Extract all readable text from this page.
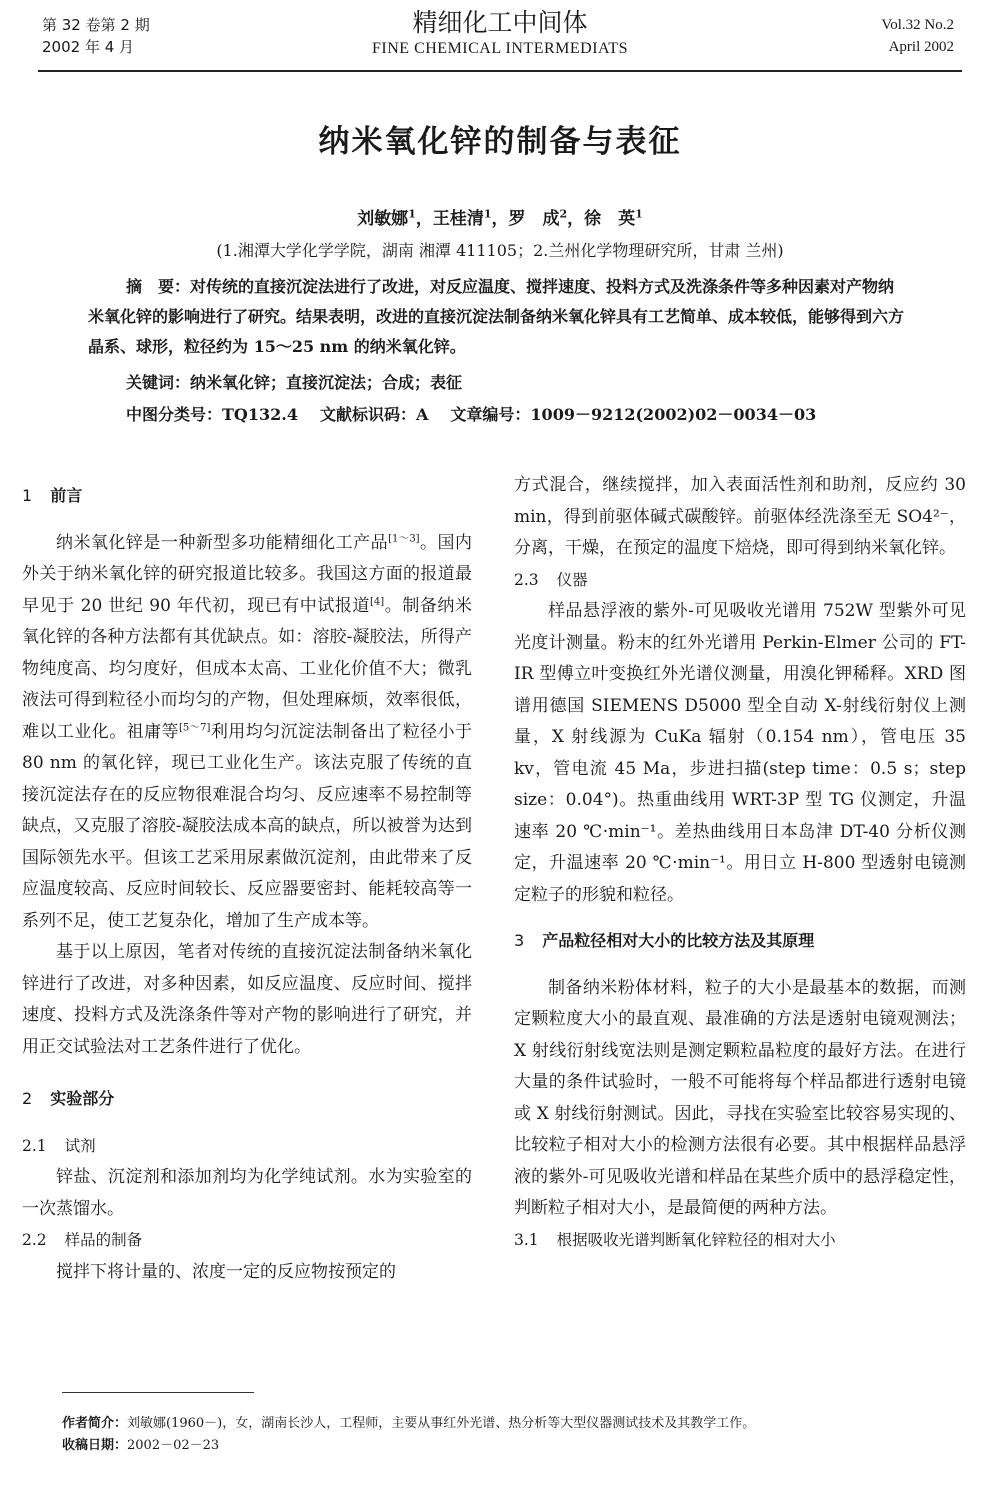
第 32 卷第 2 期
2002 年 4 月
精细化工中间体
FINE CHEMICAL INTERMEDIATS
Vol.32 No.2
April 2002
纳米氧化锌的制备与表征
刘敏娜$^1$，王桂清$^1$，罗　成$^2$，徐　英$^1$
(1.湘潭大学化学学院，湖南 湘潭 411105；2.兰州化学物理研究所，甘肃 兰州)
摘　要：对传统的直接沉淀法进行了改进，对反应温度、搅拌速度、投料方式及洗涤条件等多种因素对产物纳米氧化锌的影响进行了研究。结果表明，改进的直接沉淀法制备纳米氧化锌具有工艺简单、成本较低，能够得到六方晶系、球形，粒径约为 15～25 nm 的纳米氧化锌。
关键词：纳米氧化锌；直接沉淀法；合成；表征
中图分类号：TQ132.4 文献标识码：A 文章编号：1009－9212(2002)02－0034－03
1 前言

纳米氧化锌是一种新型多功能精细化工产品[1～3]。国内外关于纳米氧化锌的研究报道比较多。我国这方面的报道最早见于 20 世纪 90 年代初，现已有中试报道[4]。制备纳米氧化锌的各种方法都有其优缺点。如：溶胶-凝胶法，所得产物纯度高、均匀度好，但成本太高、工业化价值不大；微乳液法可得到粒径小而均匀的产物，但处理麻烦，效率很低，难以工业化。祖庸等[5～7]利用均匀沉淀法制备出了粒径小于 80 nm 的氧化锌，现已工业化生产。该法克服了传统的直接沉淀法存在的反应物很难混合均匀、反应速率不易控制等缺点，又克服了溶胶-凝胶法成本高的缺点，所以被誉为达到国际领先水平。但该工艺采用尿素做沉淀剂，由此带来了反应温度较高、反应时间较长、反应器要密封、能耗较高等一系列不足，使工艺复杂化，增加了生产成本等。

基于以上原因，笔者对传统的直接沉淀法制备纳米氧化锌进行了改进，对多种因素，如反应温度、反应时间、搅拌速度、投料方式及洗涤条件等对产物的影响进行了研究，并用正交试验法对工艺条件进行了优化。

2 实验部分
2.1 试剂

锌盐、沉淀剂和添加剂均为化学纯试剂。水为实验室的一次蒸馏水。

2.2 样品的制备

搅拌下将计量的、浓度一定的反应物按预定的

方式混合，继续搅拌，加入表面活性剂和助剂，反应约 30 min，得到前驱体碱式碳酸锌。前驱体经洗涤至无 SO4²⁻，分离，干燥，在预定的温度下焙烧，即可得到纳米氧化锌。

2.3 仪器

样品悬浮液的紫外-可见吸收光谱用 752W 型紫外可见光度计测量。粉末的红外光谱用 Perkin-Elmer 公司的 FT-IR 型傅立叶变换红外光谱仪测量，用溴化钾稀释。XRD 图谱用德国 SIEMENS D5000 型全自动 X-射线衍射仪上测量，X 射线源为 CuKa 辐射（0.154 nm），管电压 35 kv，管电流 45 Ma，步进扫描(step time：0.5 s；step size：0.04°)。热重曲线用 WRT-3P 型 TG 仪测定，升温速率 20 ℃·min⁻¹。差热曲线用日本岛津 DT-40 分析仪测定，升温速率 20 ℃·min⁻¹。用日立 H-800 型透射电镜测定粒子的形貌和粒径。

3 产品粒径相对大小的比较方法及其原理

制备纳米粉体材料，粒子的大小是最基本的数据，而测定颗粒度大小的最直观、最准确的方法是透射电镜观测法；X 射线衍射线宽法则是测定颗粒晶粒度的最好方法。在进行大量的条件试验时，一般不可能将每个样品都进行透射电镜或 X 射线衍射测试。因此，寻找在实验室比较容易实现的、比较粒子相对大小的检测方法很有必要。其中根据样品悬浮液的紫外-可见吸收光谱和样品在某些介质中的悬浮稳定性，判断粒子相对大小，是最简便的两种方法。

3.1 根据吸收光谱判断氧化锌粒径的相对大小
作者简介：刘敏娜(1960－)，女，湖南长沙人，工程师，主要从事红外光谱、热分析等大型仪器测试技术及其教学工作。
收稿日期：2002－02－23
